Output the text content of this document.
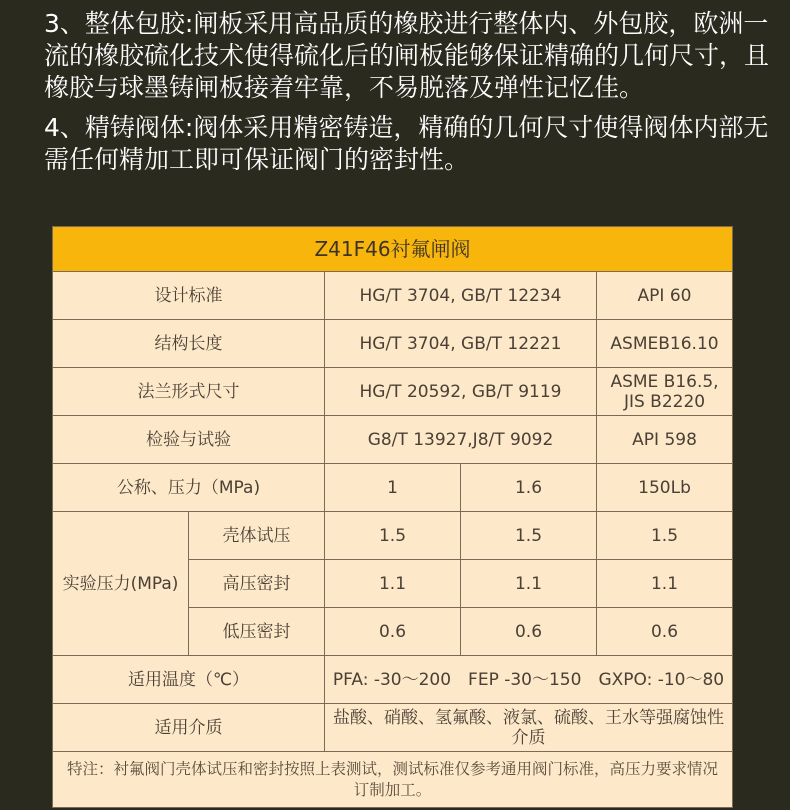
3、整体包胶:闸板采用高品质的橡胶进行整体内、外包胶，欧洲一流的橡胶硫化技术使得硫化后的闸板能够保证精确的几何尺寸，且橡胶与球墨铸闸板接着牢靠，不易脱落及弹性记忆佳。

4、精铸阀体:阀体采用精密铸造，精确的几何尺寸使得阀体内部无需任何精加工即可保证阀门的密封性。

Z41F46衬氟闸阀				
设计标准		HG/T 3704, GB/T 12234		API 60
结构长度		HG/T 3704, GB/T 12221		ASMEB16.10
法兰形式尺寸		HG/T 20592, GB/T 9119		ASME B16.5, JIS B2220
检验与试验		G8/T 13927,J8/T 9092		API 598
公称、压力（MPa)		1	1.6	150Lb
实验压力(MPa)	壳体试压	1.5	1.5	1.5
	高压密封	1.1	1.1	1.1
	低压密封	0.6	0.6	0.6
适用温度（℃）		PFA: -30～200　FEP -30～150　GXPO: -10～80		
适用介质		盐酸、硝酸、氢氟酸、液氯、硫酸、王水等强腐蚀性介质		
特注：衬氟阀门壳体试压和密封按照上表测试，测试标准仅参考通用阀门标准，高压力要求情况订制加工。				
